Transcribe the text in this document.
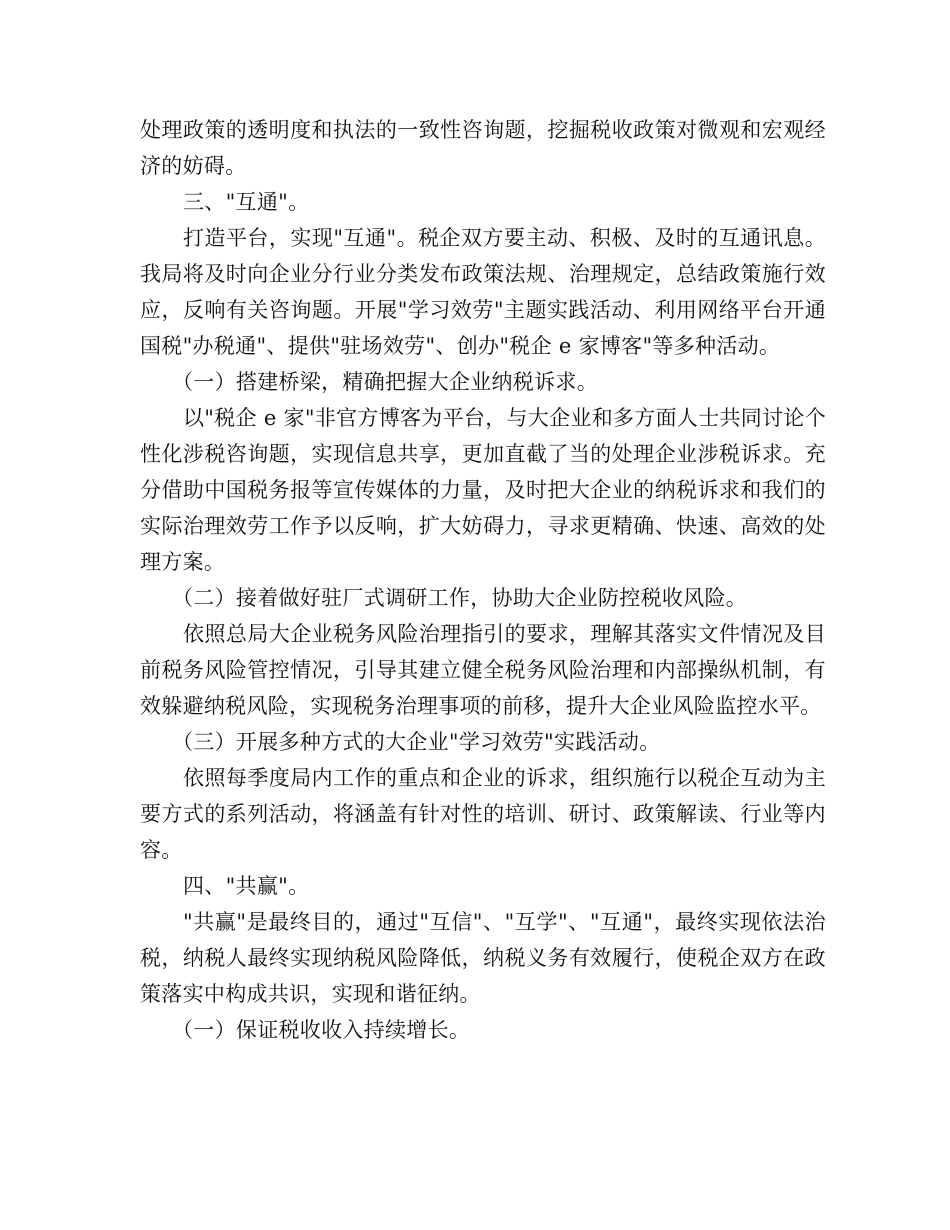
处理政策的透明度和执法的一致性咨询题，挖掘税收政策对微观和宏观经济的妨碍。

三、"互通"。

打造平台，实现"互通"。税企双方要主动、积极、及时的互通讯息。我局将及时向企业分行业分类发布政策法规、治理规定，总结政策施行效应，反响有关咨询题。开展"学习效劳"主题实践活动、利用网络平台开通国税"办税通"、提供"驻场效劳"、创办"税企 e 家博客"等多种活动。

（一）搭建桥梁，精确把握大企业纳税诉求。

以"税企 e 家"非官方博客为平台，与大企业和多方面人士共同讨论个性化涉税咨询题，实现信息共享，更加直截了当的处理企业涉税诉求。充分借助中国税务报等宣传媒体的力量，及时把大企业的纳税诉求和我们的实际治理效劳工作予以反响，扩大妨碍力，寻求更精确、快速、高效的处理方案。

（二）接着做好驻厂式调研工作，协助大企业防控税收风险。

依照总局大企业税务风险治理指引的要求，理解其落实文件情况及目前税务风险管控情况，引导其建立健全税务风险治理和内部操纵机制，有效躲避纳税风险，实现税务治理事项的前移，提升大企业风险监控水平。

（三）开展多种方式的大企业"学习效劳"实践活动。

依照每季度局内工作的重点和企业的诉求，组织施行以税企互动为主要方式的系列活动，将涵盖有针对性的培训、研讨、政策解读、行业等内容。

四、"共赢"。

"共赢"是最终目的，通过"互信"、"互学"、"互通"，最终实现依法治税，纳税人最终实现纳税风险降低，纳税义务有效履行，使税企双方在政策落实中构成共识，实现和谐征纳。

（一）保证税收收入持续增长。
